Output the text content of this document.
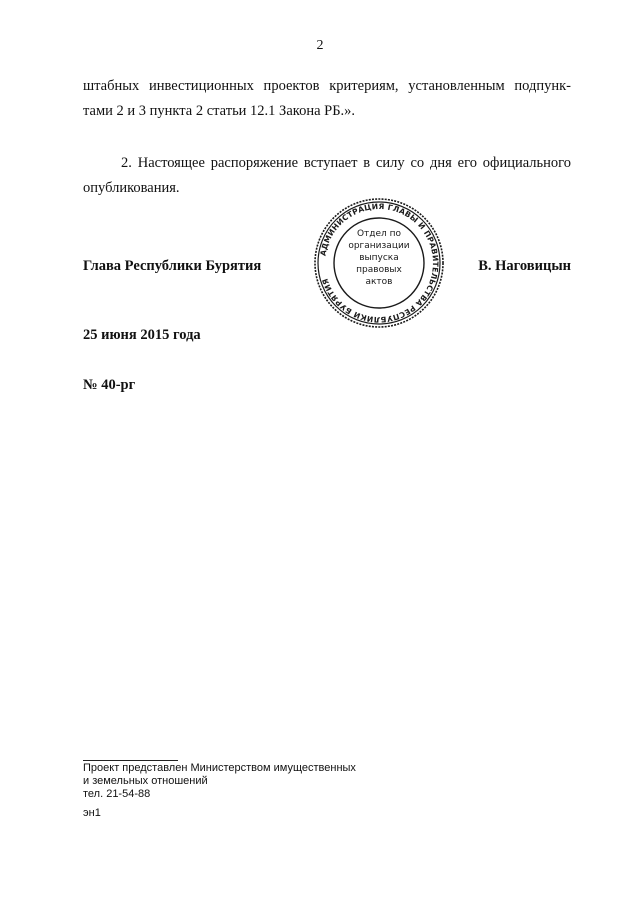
2
штабных инвестиционных проектов критериям, установленным подпунк-
тами 2 и 3 пункта 2 статьи 12.1 Закона РБ.».
2. Настоящее распоряжение вступает в силу со дня его официального
опубликования.
Глава Республики Бурятия	В. Наговицын
АДМИНИСТРАЦИЯ ГЛАВЫ И ПРАВИТЕЛЬСТВА РЕСПУБЛИКИ БУРЯТИЯ
Отдел по
организации
выпуска
правовых
актов
25 июня 2015 года
№ 40-рг
Проект представлен Министерством имущественных
и земельных отношений
тел. 21-54-88
эн1
